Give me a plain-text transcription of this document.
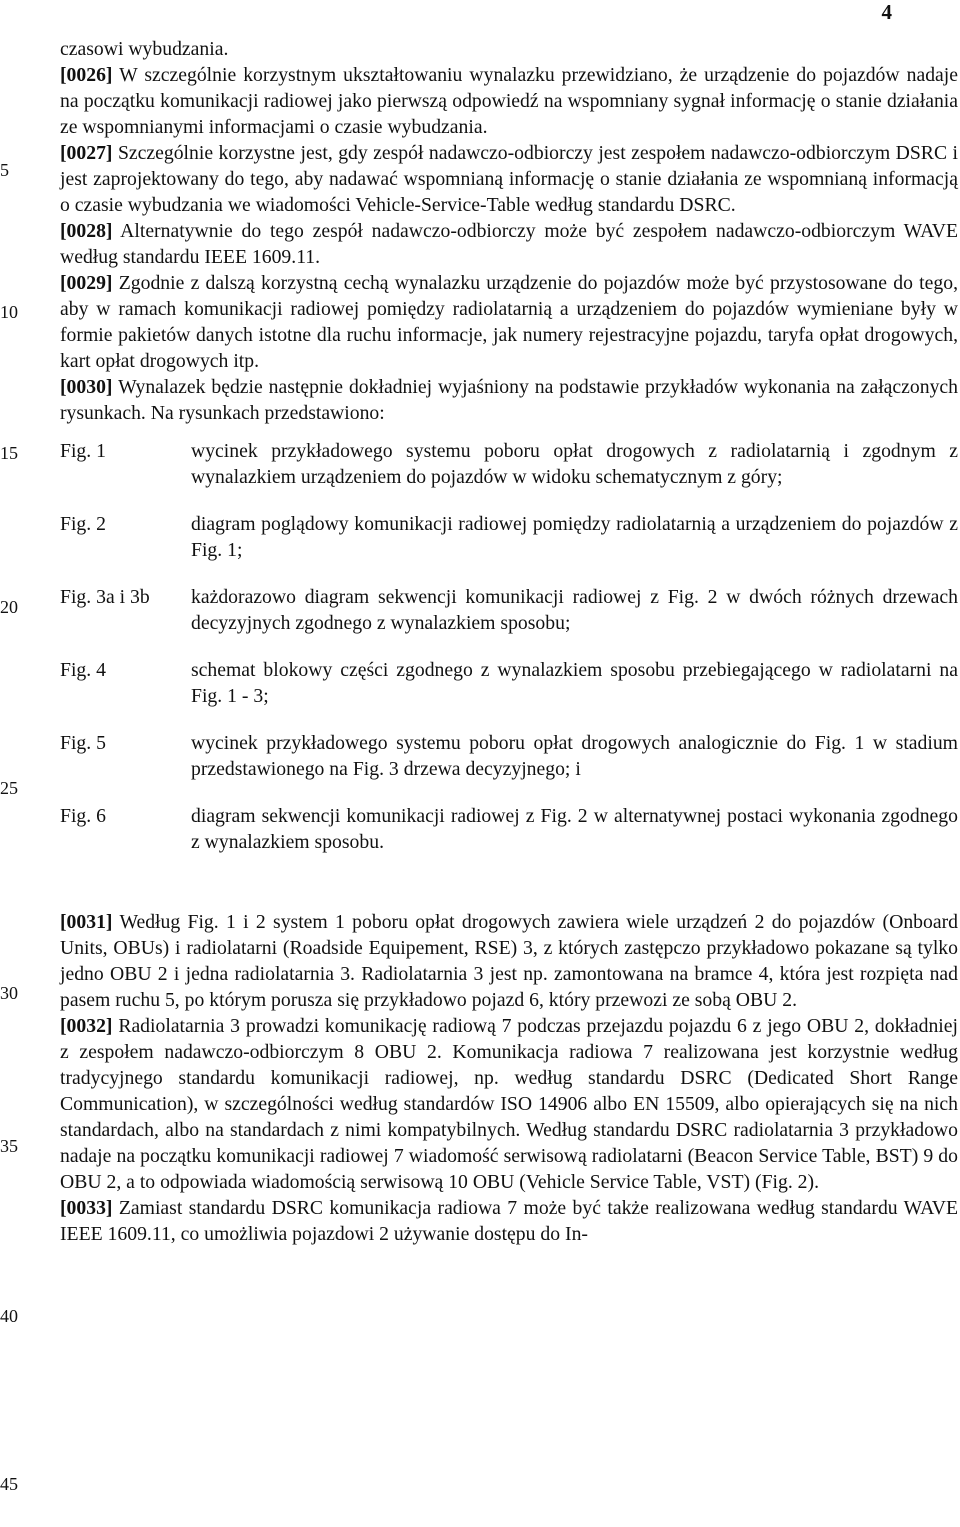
4
5
10
15
20
25
30
35
40
45

czasowi wybudzania.

[0026] W szczególnie korzystnym ukształtowaniu wynalazku przewidziano, że urządzenie do pojazdów nadaje na początku komunikacji radiowej jako pierwszą odpowiedź na wspomniany sygnał informację o stanie działania ze wspomnianymi informacjami o czasie wybudzania.

[0027] Szczególnie korzystne jest, gdy zespół nadawczo-odbiorczy jest zespołem nadawczo-odbiorczym DSRC i jest zaprojektowany do tego, aby nadawać wspomnianą informację o stanie działania ze wspomnianą informacją o czasie wybudzania we wiadomości Vehicle-Service-Table według standardu DSRC.

[0028] Alternatywnie do tego zespół nadawczo-odbiorczy może być zespołem nadawczo-odbiorczym WAVE według standardu IEEE 1609.11.

[0029] Zgodnie z dalszą korzystną cechą wynalazku urządzenie do pojazdów może być przystosowane do tego, aby w ramach komunikacji radiowej pomiędzy radiolatarnią a urządzeniem do pojazdów wymieniane były w formie pakietów danych istotne dla ruchu informacje, jak numery rejestracyjne pojazdu, taryfa opłat drogowych, kart opłat drogowych itp.

[0030] Wynalazek będzie następnie dokładniej wyjaśniony na podstawie przykładów wykonania na załączonych rysunkach. Na rysunkach przedstawiono:

Fig. 1	wycinek przykładowego systemu poboru opłat drogowych z radiolatarnią i zgodnym z wynalazkiem urządzeniem do pojazdów w widoku schematycznym z góry;
Fig. 2	diagram poglądowy komunikacji radiowej pomiędzy radiolatarnią a urządzeniem do pojazdów z Fig. 1;
Fig. 3a i 3b	każdorazowo diagram sekwencji komunikacji radiowej z Fig. 2 w dwóch różnych drzewach decyzyjnych zgodnego z wynalazkiem sposobu;
Fig. 4	schemat blokowy części zgodnego z wynalazkiem sposobu przebiegającego w radiolatarni na Fig. 1 - 3;
Fig. 5	wycinek przykładowego systemu poboru opłat drogowych analogicznie do Fig. 1 w stadium przedstawionego na Fig. 3 drzewa decyzyjnego; i
Fig. 6	diagram sekwencji komunikacji radiowej z Fig. 2 w alternatywnej postaci wykonania zgodnego z wynalazkiem sposobu.

[0031] Według Fig. 1 i 2 system 1 poboru opłat drogowych zawiera wiele urządzeń 2 do pojazdów (Onboard Units, OBUs) i radiolatarni (Roadside Equipement, RSE) 3, z których zastępczo przykładowo pokazane są tylko jedno OBU 2 i jedna radiolatarnia 3. Radiolatarnia 3 jest np. zamontowana na bramce 4, która jest rozpięta nad pasem ruchu 5, po którym porusza się przykładowo pojazd 6, który przewozi ze sobą OBU 2.

[0032] Radiolatarnia 3 prowadzi komunikację radiową 7 podczas przejazdu pojazdu 6 z jego OBU 2, dokładniej z zespołem nadawczo-odbiorczym 8 OBU 2. Komunikacja radiowa 7 realizowana jest korzystnie według tradycyjnego standardu komunikacji radiowej, np. według standardu DSRC (Dedicated Short Range Communication), w szczególności według standardów ISO 14906 albo EN 15509, albo opierających się na nich standardach, albo na standardach z nimi kompatybilnych. Według standardu DSRC radiolatarnia 3 przykładowo nadaje na początku komunikacji radiowej 7 wiadomość serwisową radiolatarni (Beacon Service Table, BST) 9 do OBU 2, a to odpowiada wiadomością serwisową 10 OBU (Vehicle Service Table, VST) (Fig. 2).

[0033] Zamiast standardu DSRC komunikacja radiowa 7 może być także realizowana według standardu WAVE IEEE 1609.11, co umożliwia pojazdowi 2 używanie dostępu do In-
